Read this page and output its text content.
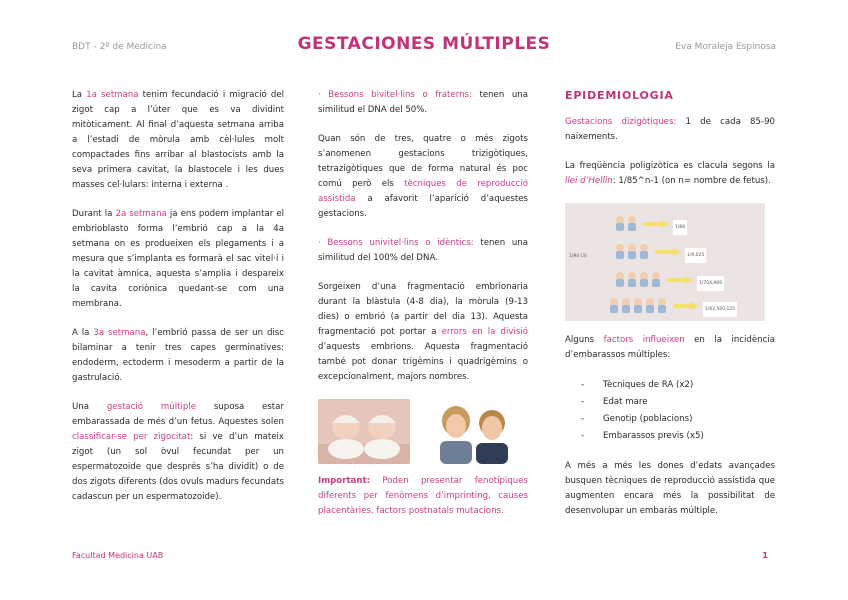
BDT - 2º de Medicina	GESTACIONES MÚLTIPLES	Eva Moraleja Espinosa

La 1a setmana tenim fecundació i migració del zigot cap a l’úter que es va dividint mitòticament. Al final d’aquesta setmana arriba a l’estadi de mòrula amb cèl·lules molt compactades fins arribar al blastocists amb la seva primera cavitat, la blastocele i les dues masses cel·lulars: interna i externa .

Durant la 2a setmana ja ens podem implantar el embrioblasto forma l’embrió cap a la 4a setmana on es produeixen els plegaments i a mesura que s’implanta es formarà el sac vitel·í i la cavitat àmnica, aquesta s’amplia i despareix la cavita coriònica quedant-se com una membrana.

A la 3a setmana, l’embrió passa de ser un disc bilaminar a tenir tres capes germinatives: endoderm, ectoderm i mesoderm a partir de la gastrulació.

Una gestació múltiple suposa estar embarassada de més d’un fetus. Aquestes solen classificar-se per zigocitat: si ve d’un mateix zigot (un sol òvul fecundat per un espermatozoide que després s’ha dividit) o de dos zigots diferents (dos ovuls madurs fecundats cadascun per un espermatozoide).

· Bessons bivitel·lins o fraterns: tenen una similitud el DNA del 50%.

Quan són de tres, quatre o més zigots s’anomenen gestacions trizigòtiques, tetrazigòtiques que de forma natural és poc comú però els tècniques de reproducció assistida a afavorit l’aparició d’aquestes gestacions.

· Bessons univitel·lins o idèntics: tenen una similitud del 100% del DNA.

Sorgeixen d’una fragmentació embrionaria durant la blàstula (4-8 dia), la mòrula (9-13 dies) o embrió (a partir del dia 13). Aquesta fragmentació pot portar a errors en la divisió d’aquests embrions. Aquesta fragmentació també pot donar trigèmins i quadrigèmins o excepcionalment, majors nombres.

Important: Poden presentar fenotípiques diferents per fenòmens d’imprinting, causes placentàries, factors postnatals mutacions.
EPIDEMIOLOGIA

Gestacions dizigòtiques: 1 de cada 85-90 naixements.

La freqüència poligizòtica es clacula segons la llei d’Hellin: 1/85^n-1 (on n= nombre de fetus).

1/89
1/94 (3)	1/9,025
1/704,969
1/62,500,125

Alguns factors influeixen en la incidència d’embarassos múltiples:

- Tècniques de RA (x2)
- Edat mare
- Genotip (poblacions)
- Embarassos previs (x5)

A més a més les dones d’edats avançades busquen tècniques de reproducció assistida que augmenten encara més la possibilitat de desenvolupar un embaràs múltiple.

Facultad Medicina UAB	1
